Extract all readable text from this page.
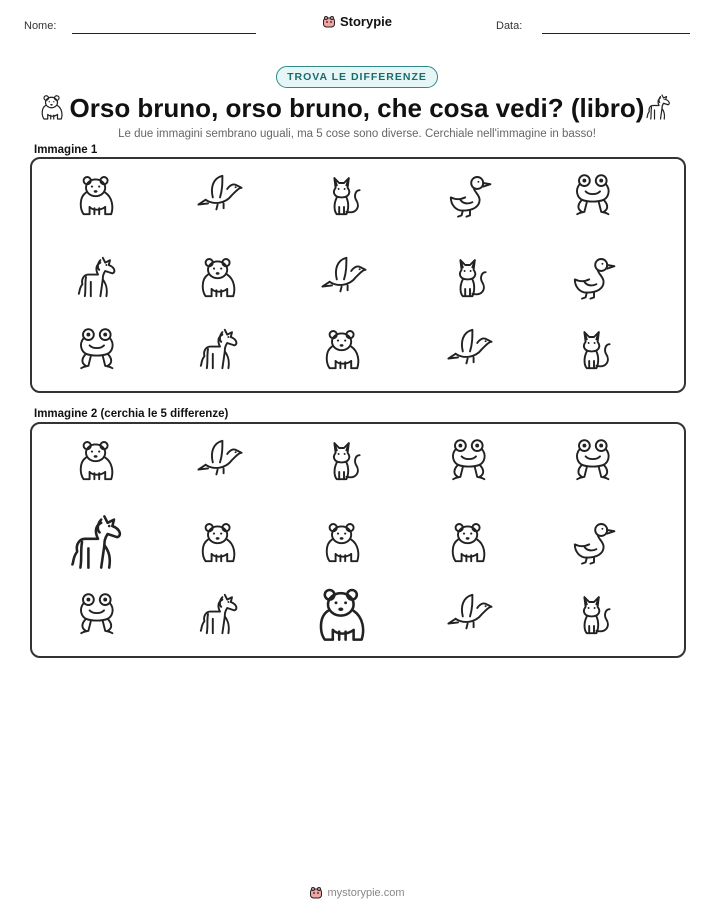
Nome:	Storypie	Data:
TROVA LE DIFFERENZE
Orso bruno, orso bruno, che cosa vedi? (libro)
Le due immagini sembrano uguali, ma 5 cose sono diverse. Cerchiale nell'immagine in basso!
Immagine 1
Immagine 2 (cerchia le 5 differenze)
mystorypie.com
